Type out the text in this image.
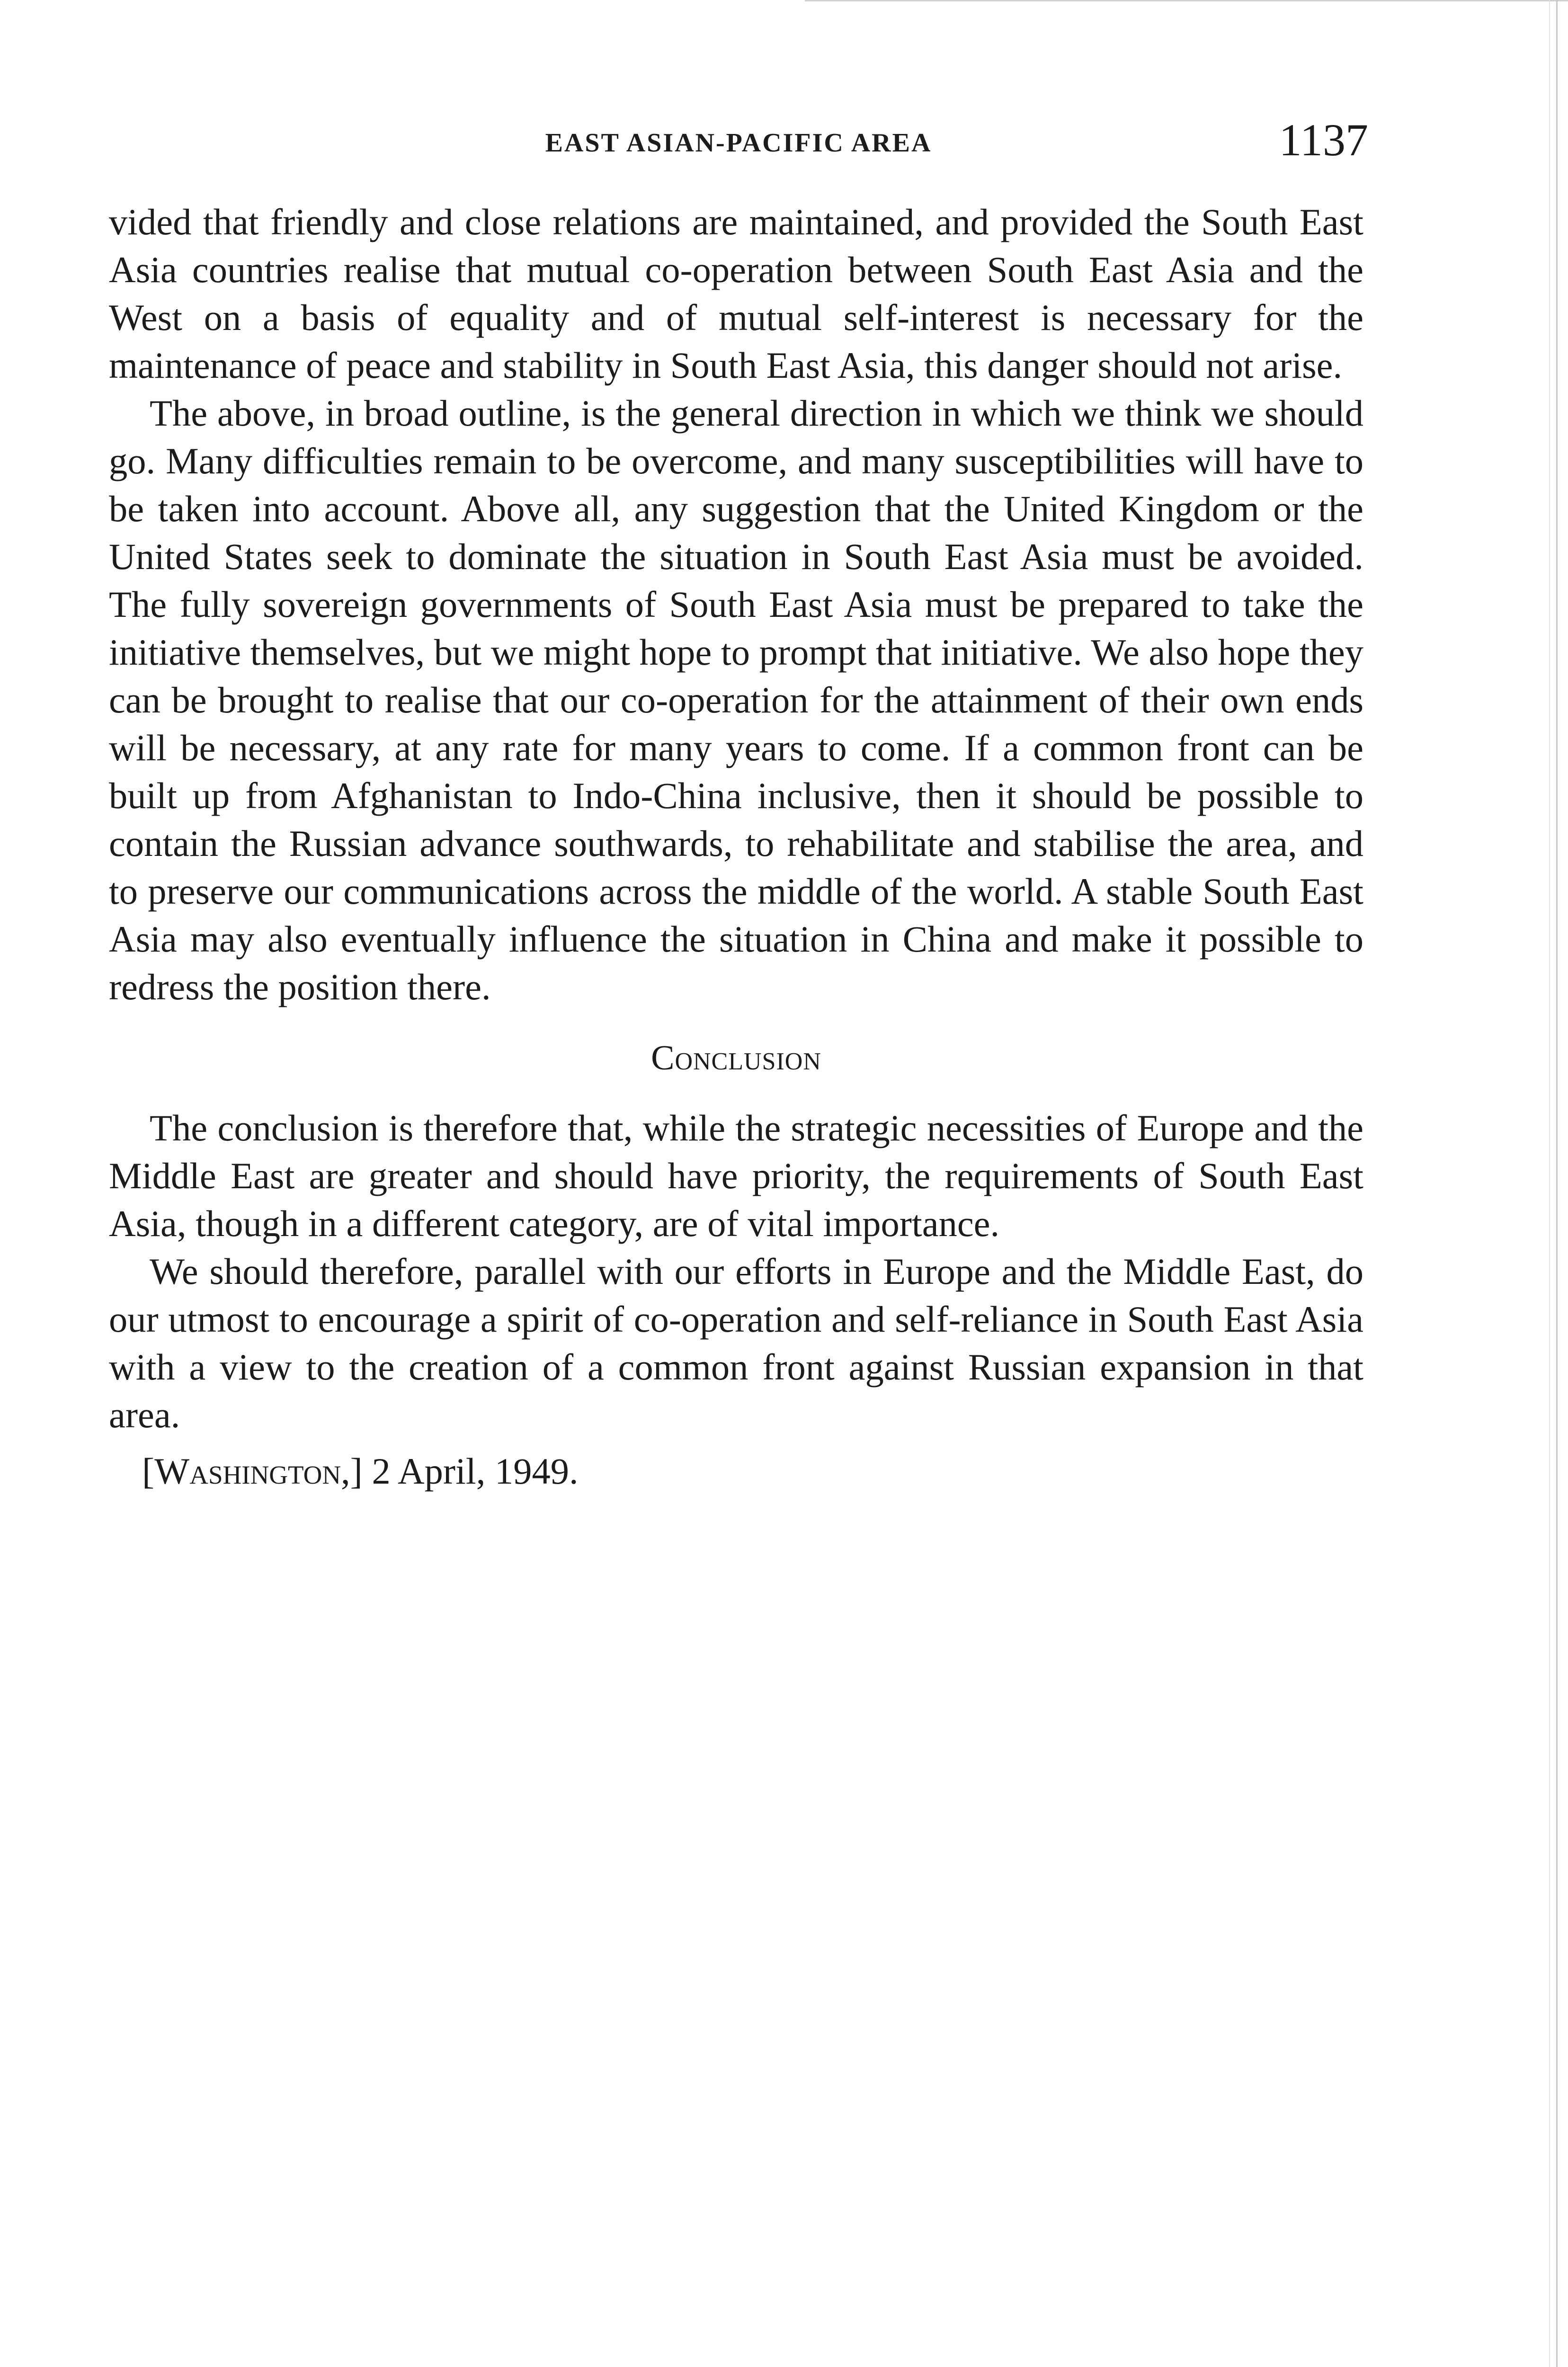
EAST ASIAN-PACIFIC AREA	1137

vided that friendly and close relations are maintained, and provided the South East Asia countries realise that mutual co-operation between South East Asia and the West on a basis of equality and of mutual self-interest is necessary for the maintenance of peace and stability in South East Asia, this danger should not arise.

The above, in broad outline, is the general direction in which we think we should go. Many difficulties remain to be overcome, and many susceptibilities will have to be taken into account. Above all, any suggestion that the United Kingdom or the United States seek to dominate the situation in South East Asia must be avoided. The fully sovereign governments of South East Asia must be prepared to take the initiative themselves, but we might hope to prompt that initiative. We also hope they can be brought to realise that our co-operation for the attainment of their own ends will be necessary, at any rate for many years to come. If a common front can be built up from Afghanistan to Indo-China inclusive, then it should be possible to contain the Russian advance southwards, to rehabilitate and stabilise the area, and to preserve our communications across the middle of the world. A stable South East Asia may also eventually influence the situation in China and make it possible to redress the position there.

Conclusion

The conclusion is therefore that, while the strategic necessities of Europe and the Middle East are greater and should have priority, the requirements of South East Asia, though in a different category, are of vital importance.

We should therefore, parallel with our efforts in Europe and the Middle East, do our utmost to encourage a spirit of co-operation and self-reliance in South East Asia with a view to the creation of a common front against Russian expansion in that area.

[Washington,] 2 April, 1949.
